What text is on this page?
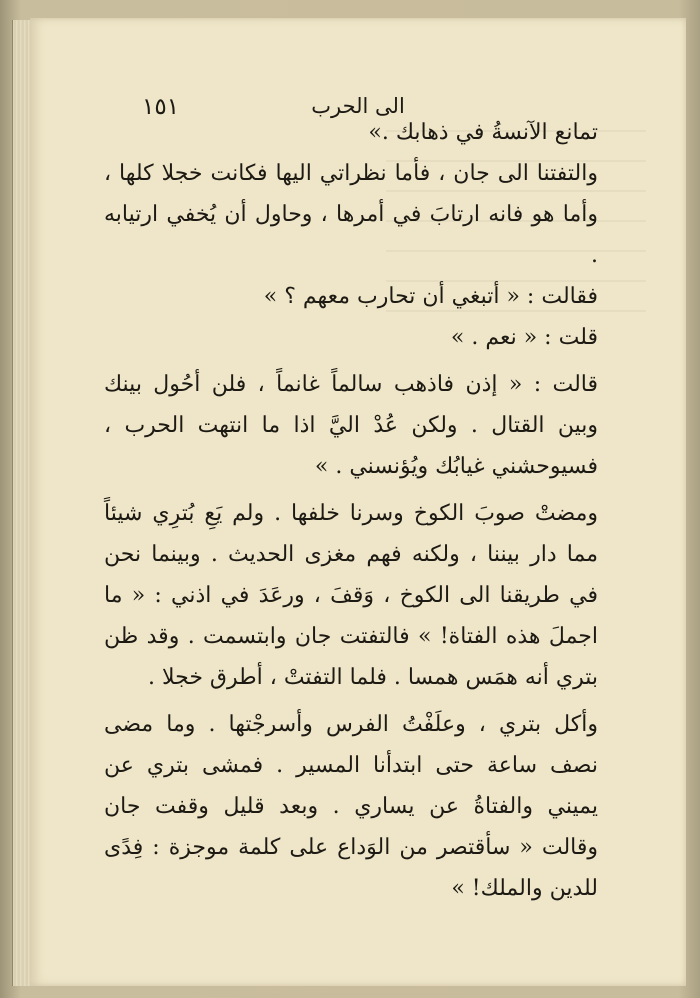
١٥١	الى الحرب

تمانع الآنسةُ في ذهابك .»

والتفتنا الى جان ، فأما نظراتي اليها فكانت خجلا كلها ، وأما هو فانه ارتابَ في أمرها ، وحاول أن يُخفي ارتيابه .

فقالت : « أتبغي أن تحارب معهم ؟ »

قلت : « نعم . »

قالت : « إذن فاذهب سالماً غانماً ، فلن أحُول بينك وبين القتال . ولكن عُدْ اليَّ اذا ما انتهت الحرب ، فسيوحشني غيابُك ويُؤنسني . »

ومضتْ صوبَ الكوخ وسرنا خلفها . ولم يَعِ بُترِي شيئاً مما دار بيننا ، ولكنه فهم مغزى الحديث . وبينما نحن في طريقنا الى الكوخ ، وَقفَ ، ورعَدَ في اذني : « ما اجملَ هذه الفتاة! » فالتفتت جان وابتسمت . وقد ظن بتري أنه همَس همسا . فلما التفتتْ ، أطرق خجلا .

وأكل بتري ، وعلَفْتُ الفرس وأسرجْتها . وما مضى نصف ساعة حتى ابتدأنا المسير . فمشى بتري عن يميني والفتاةُ عن يساري . وبعد قليل وقفت جان وقالت « سأقتصر من الوَداع على كلمة موجزة : فِدًى للدين والملك! »
